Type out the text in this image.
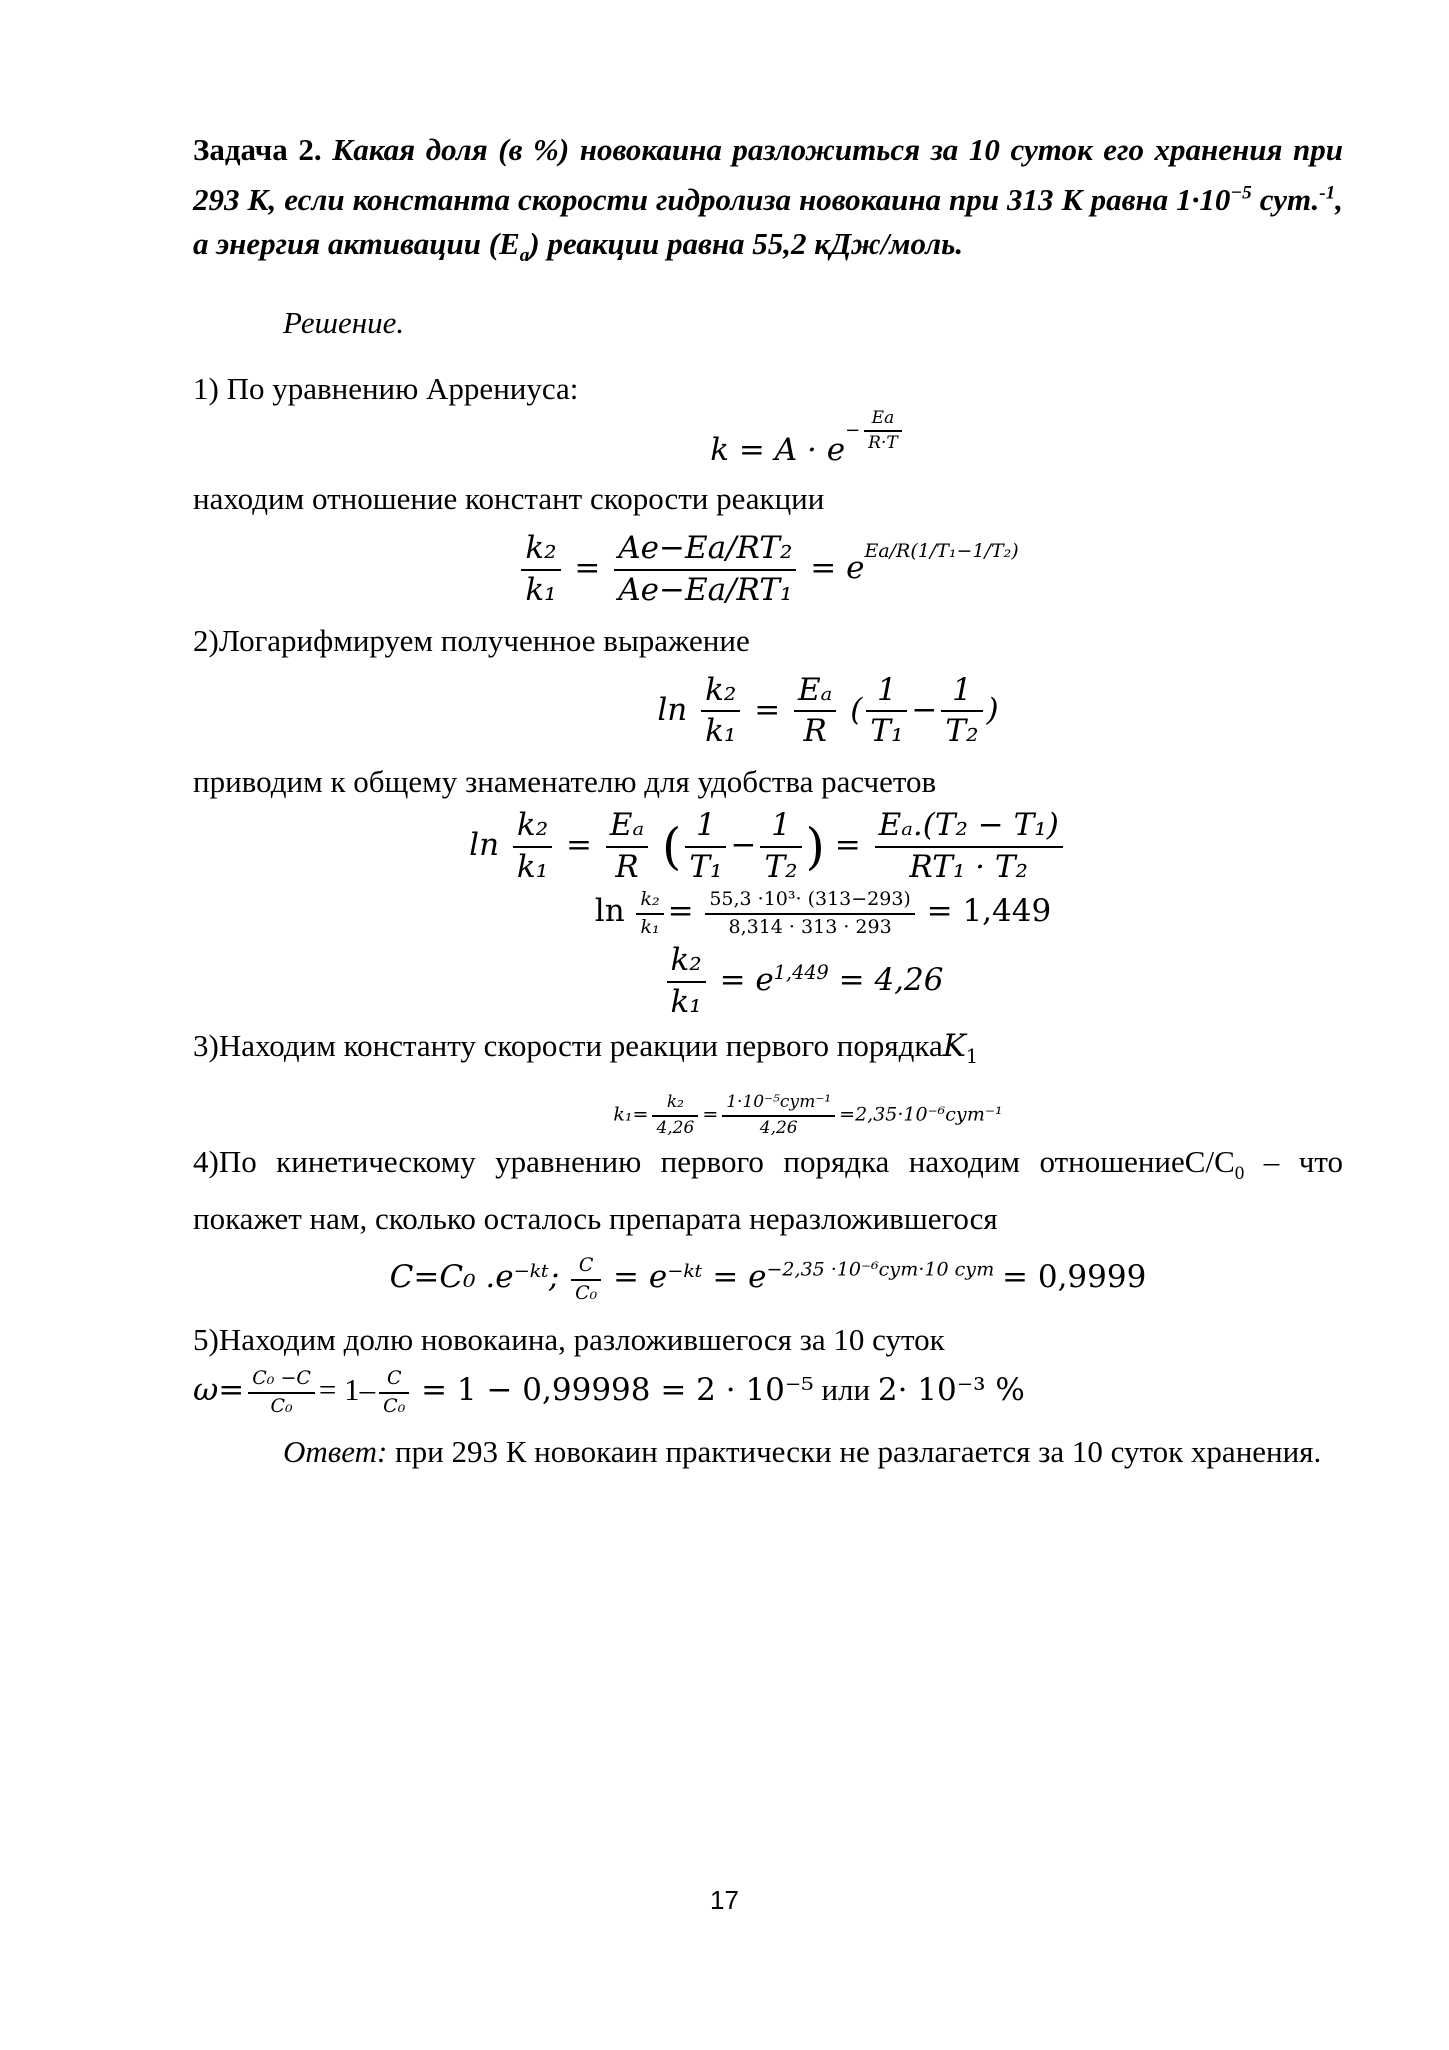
Задача 2. Какая доля (в %) новокаина разложиться за 10 суток его хранения при 293 К, если константа скорости гидролиза новокаина при 313 К равна $1\cdot 10^{-5}$ сут.$^{-1}$, а энергия активации $(E_a)$ реакции равна 55,2 кДж/моль.

Решение.

1) По уравнению Аррениуса:

$k = A \cdot e^{- \frac{Ea}{R\cdot T}}$

находим отношение констант скорости реакции

$\frac{\text{k₂}}{\text{k₁}} = \frac{\text{Ae−Ea/RT₂}}{\text{Ae−Ea/RT₁}} = e^{Ea/R(1/T_1-1/T_2)}$

2)Логарифмируем полученное выражение

$\ln \frac{\text{k₂}}{\text{k₁}} = \frac{\text{Eₐ}}{R}$ ( $\frac{1}{\text{T₁}} - \frac{1}{\text{T₂}}$ )

приводим к общему знаменателю для удобства расчетов

$\ln \frac{\text{k₂}}{\text{k₁}} = \frac{\text{Eₐ}}{R}$ ( $\frac{1}{\text{T₁}} - \frac{1}{\text{T₂}}$ ) = $\frac{\text{Eₐ.(T₂ − T₁)}}{\text{RT₁ · T₂}}$
$\ln \frac{\text{k₂}}{\text{k₁}} = \frac{\text{55,3 ·10³· (313−293)}}{8,314 \cdot 313 \cdot 293} = 1,449$
$\frac{\text{k₂}}{\text{k₁}} = e^{1,449} = 4,26$

3)Находим константу скорости реакции первого порядкаK$_1$

$k_1= \frac{\text{k₂}}{4,26} = \frac{\text{1·10⁻⁵сут⁻¹}}{4,26} =2,35\cdot 10^{-6}сут^{-1}$

4)По кинетическому уравнению первого порядка находим отношениеC/$C_0$ – что покажет нам, сколько осталось препарата неразложившегося

C=C₀ .e⁻ᵏᵗ; $\frac{C}{\text{C₀}}$ = e⁻ᵏᵗ = $e^{-2,35 \cdot 10^{-6}сут\cdot 10 сут} = 0,9999$

5)Находим долю новокаина, разложившегося за 10 суток

$\omega= \frac{\text{C₀ −C}}{\text{C₀}} = 1- \frac{C}{\text{C₀}} = 1 - 0,99998 = 2 \cdot 10^{-5}$ или 2· 10⁻³ %

Ответ: при 293 К новокаин практически не разлагается за 10 суток хранения.

17
